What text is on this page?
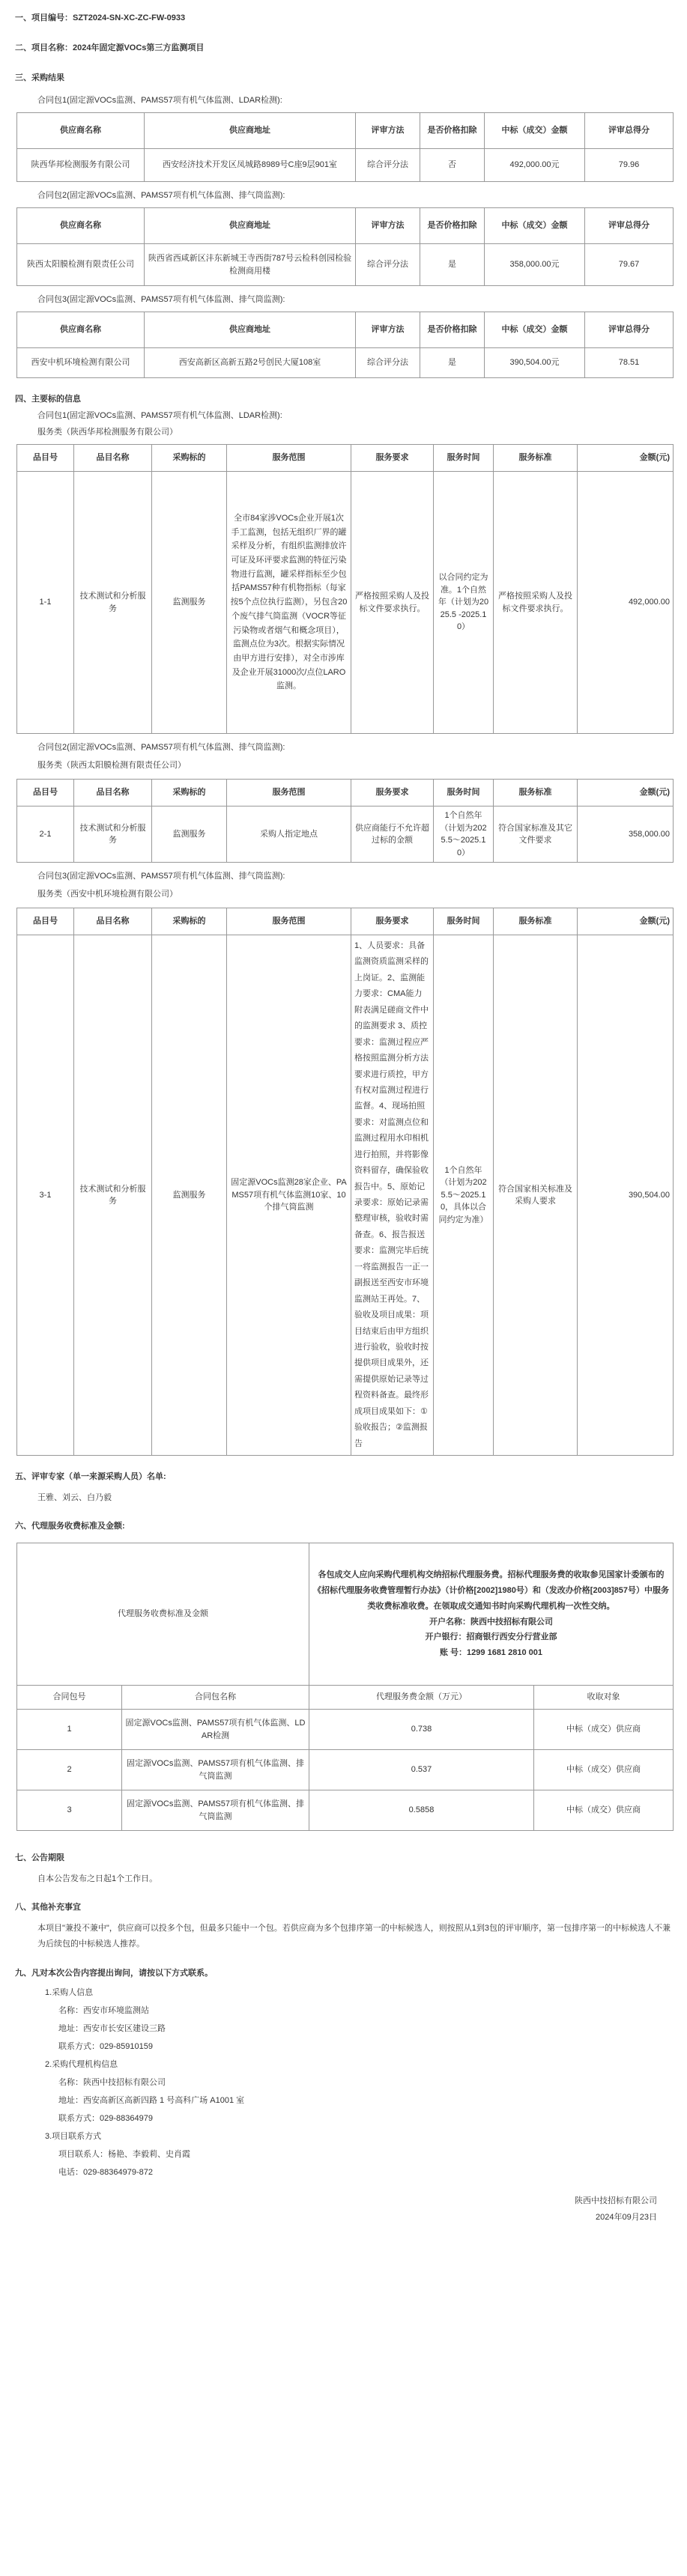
一、项目编号：SZT2024-SN-XC-ZC-FW-0933
二、项目名称：2024年固定源VOCs第三方监测项目
三、采购结果
合同包1(固定源VOCs监测、PAMS57项有机气体监测、LDAR检测):
供应商名称	供应商地址	评审方法	是否价格扣除	中标（成交）金额	评审总得分
陕西华邦检测服务有限公司	西安经济技术开发区凤城路8989号C座9层901室	综合评分法	否	492,000.00元	79.96
合同包2(固定源VOCs监测、PAMS57项有机气体监测、排气筒监测):
供应商名称	供应商地址	评审方法	是否价格扣除	中标（成交）金额	评审总得分
陕西太阳膜检测有限责任公司	陕西省西咸新区沣东新城王寺西街787号云检科创园检验检测商用楼	综合评分法	是	358,000.00元	79.67
合同包3(固定源VOCs监测、PAMS57项有机气体监测、排气筒监测):
供应商名称	供应商地址	评审方法	是否价格扣除	中标（成交）金额	评审总得分
西安中机环境检测有限公司	西安高新区高新五路2号创民大厦108室	综合评分法	是	390,504.00元	78.51
四、主要标的信息
合同包1(固定源VOCs监测、PAMS57项有机气体监测、LDAR检测):
服务类（陕西华邦检测服务有限公司）
品目号	品目名称	采购标的	服务范围	服务要求	服务时间	服务标准	金额(元)
1-1	技术测试和分析服务	监测服务	全市84家涉VOCs企业开展1次手工监测，包括无组织厂界的罐采样及分析，有组织监测排放许可证及环评要求监测的特征污染物进行监测，罐采样指标至少包括PAMS57种有机物指标（每家按5个点位执行监测），另包含20个废气排气筒监测（VOCR等征污染物或者烟气和概念项目），监测点位为3次。根据实际情况由甲方进行安排），对全市涉库及企业开展31000次/点位LARO监测。	严格按照采购人及投标文件要求执行。	以合同约定为准。1个自然年（计划为2025.5 -2025.10）	严格按照采购人及投标文件要求执行。	492,000.00
合同包2(固定源VOCs监测、PAMS57项有机气体监测、排气筒监测):
服务类（陕西太阳膜检测有限责任公司）
品目号	品目名称	采购标的	服务范围	服务要求	服务时间	服务标准	金额(元)
2-1	技术测试和分析服务	监测服务	采购人指定地点	供应商能行不允许超过标的金额	1个自然年（计划为2025.5～2025.10）	符合国家标准及其它文件要求	358,000.00
合同包3(固定源VOCs监测、PAMS57项有机气体监测、排气筒监测):
服务类（西安中机环境检测有限公司）
品目号	品目名称	采购标的	服务范围	服务要求	服务时间	服务标准	金额(元)
3-1	技术测试和分析服务	监测服务	固定源VOCs监测28家企业、PAMS57项有机气体监测10家、10个排气筒监测	1、人员要求：具备监测资质监测采样的上岗证。2、监测能力要求：CMA能力附表满足磋商文件中的监测要求 3、质控要求：监测过程应严格按照监测分析方法要求进行质控，甲方有权对监测过程进行监督。4、现场拍照要求：对监测点位和监测过程用水印相机进行拍照，并将影像资料留存，确保验收报告中。5、原始记录要求：原始记录需整理审核，验收时需备查。6、报告报送要求：监测完毕后统一将监测报告一正一副报送至西安市环境监测站王再处。7、验收及项目成果：项目结束后由甲方组织进行验收，验收时按提供项目成果外，还需提供原始记录等过程资料备查。最终形成项目成果如下：①验收报告；②监测报告	1个自然年（计划为2025.5～2025.10，具体以合同约定为准）	符合国家相关标准及采购人要求	390,504.00
五、评审专家（单一来源采购人员）名单:
王雅、刘云、白乃毅
六、代理服务收费标准及金额:
代理服务收费标准及金额		各包成交人应向采购代理机构交纳招标代理服务费。招标代理服务费的收取参见国家计委颁布的《招标代理服务收费管理暂行办法》（计价格[2002]1980号）和（发改办价格[2003]857号）中服务类收费标准收费。在领取成交通知书时向采购代理机构一次性交纳。
开户名称：陕西中技招标有限公司
开户银行：招商银行西安分行营业部
账 号：1299 1681 2810 001	

合同包号	合同包名称	代理服务费金额（万元）	收取对象
1	固定源VOCs监测、PAMS57项有机气体监测、LDAR检测	0.738	中标（成交）供应商
2	固定源VOCs监测、PAMS57项有机气体监测、排气筒监测	0.537	中标（成交）供应商
3	固定源VOCs监测、PAMS57项有机气体监测、排气筒监测	0.5858	中标（成交）供应商
七、公告期限
自本公告发布之日起1个工作日。
八、其他补充事宜
本项目"兼投不兼中"，供应商可以投多个包，但最多只能中一个包。若供应商为多个包排序第一的中标候选人，则按照从1到3包的评审顺序，第一包排序第一的中标候选人不兼为后续包的中标候选人推荐。
九、凡对本次公告内容提出询问，请按以下方式联系。
1.采购人信息
名称：西安市环境监测站
地址：西安市长安区建设三路
联系方式：029-85910159
2.采购代理机构信息
名称：陕西中技招标有限公司
地址：西安高新区高新四路 1 号高科广场 A1001 室
联系方式：029-88364979
3.项目联系方式
项目联系人：杨艳、李毅莉、史肖霞
电话：029-88364979-872
陕西中技招标有限公司
2024年09月23日
